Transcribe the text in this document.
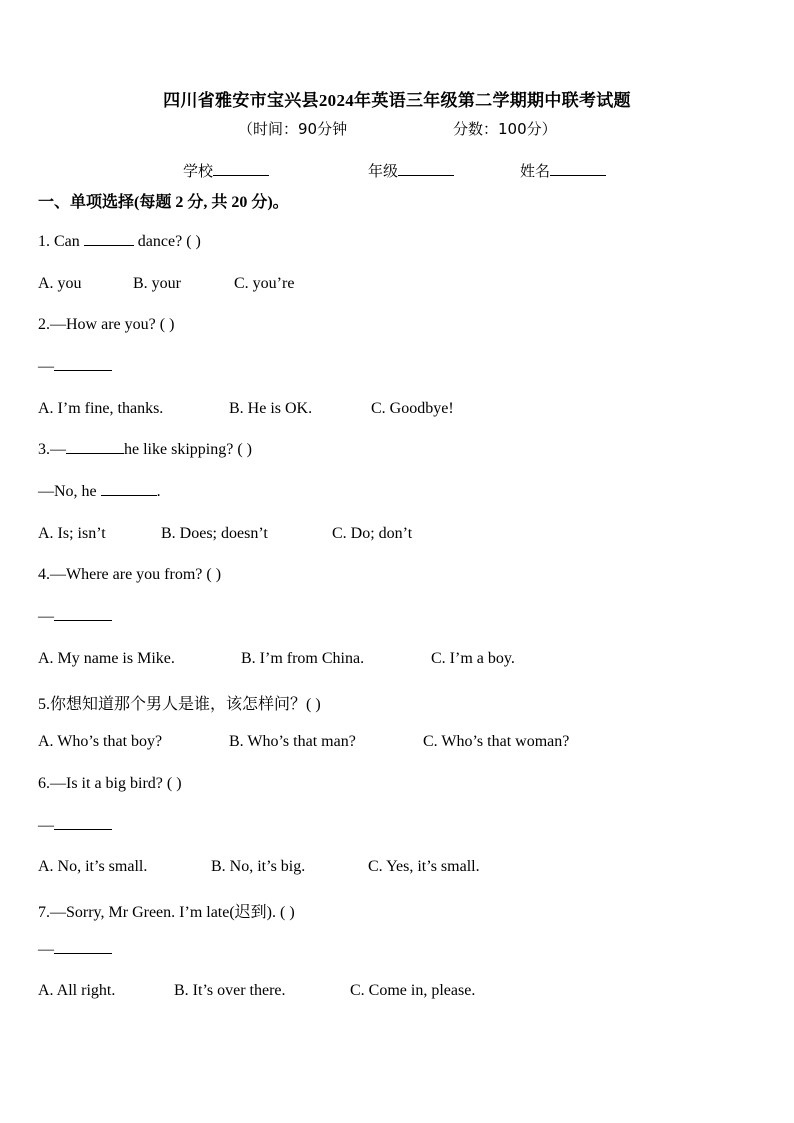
四川省雅安市宝兴县2024年英语三年级第二学期期中联考试题
（时间：90分钟	分数：100分）
学校	年级	姓名
一、单项选择(每题 2 分, 共 20 分)。
1. Can	dance? ( )
A. you	B. your	C. you’re
2.—How are you? ( )
—
A. I’m fine, thanks.	B. He is OK.	C. Goodbye!
3.—	he like skipping? ( )
—No, he	.
A. Is; isn’t	B. Does; doesn’t	C. Do; don’t
4.—Where are you from? ( )
—
A. My name is Mike.	B. I’m from China.	C. I’m a boy.
5.你想知道那个男人是谁，该怎样问？( )
A. Who’s that boy?	B. Who’s that man?	C. Who’s that woman?
6.—Is it a big bird? ( )
—
A. No, it’s small.	B. No, it’s big.	C. Yes, it’s small.
7.—Sorry, Mr Green. I’m late(迟到). ( )
—
A. All right.	B. It’s over there.	C. Come in, please.
